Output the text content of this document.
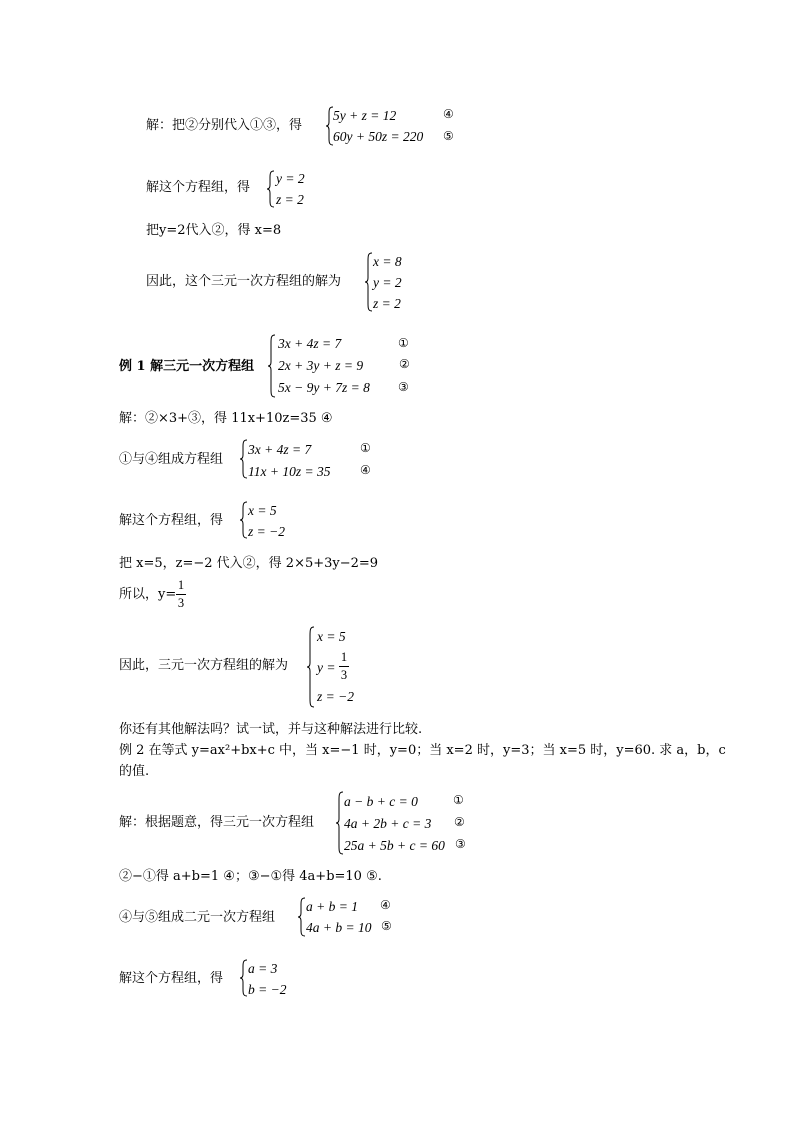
解：把②分别代入①③，得
5y + z = 12	④
60y + 50z = 220 ⑤
解这个方程组，得
y = 2
z = 2
把y=2代入②，得 x=8
因此，这个三元一次方程组的解为
x = 8
y = 2
z = 2
例 1 解三元一次方程组
3x + 4z = 7	①
2x + 3y + z = 9	②
5x − 9y + 7z = 8 ③
解：②×3+③，得 11x+10z=35 ④
①与④组成方程组
3x + 4z = 7	①
11x + 10z = 35 ④
解这个方程组，得
x = 5
z = −2
把 x=5，z=−2 代入②，得 2×5+3y−2=9
所以，y=
1
3
因此，三元一次方程组的解为
x = 5
y =
1
3
z = −2
你还有其他解法吗？试一试，并与这种解法进行比较.
例 2 在等式 y=ax²+bx+c 中，当 x=−1 时，y=0；当 x=2 时，y=3；当 x=5 时，y=60. 求 a，b，c
的值.
解：根据题意，得三元一次方程组
a − b + c = 0	①
4a + 2b + c = 3 ②
25a + 5b + c = 60 ③
②−①得 a+b=1 ④；③−①得 4a+b=10 ⑤.
④与⑤组成二元一次方程组
a + b = 1 ④
4a + b = 10 ⑤
解这个方程组，得
a = 3
b = −2
